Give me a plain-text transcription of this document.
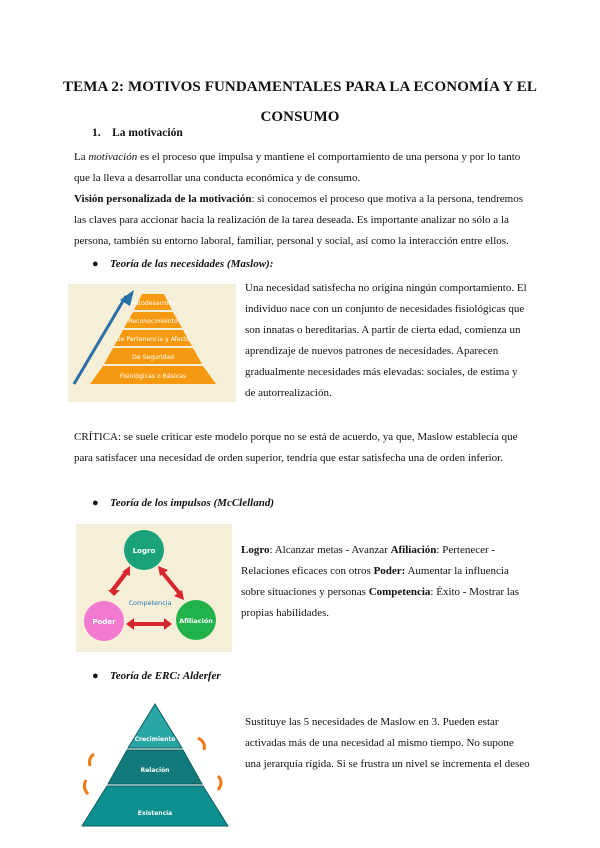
TEMA 2: MOTIVOS FUNDAMENTALES PARA LA ECONOMÍA Y EL CONSUMO
1. La motivación
La motivación es el proceso que impulsa y mantiene el comportamiento de una persona y por lo tanto que la lleva a desarrollar una conducta económica y de consumo.
Visión personalizada de la motivación: si conocemos el proceso que motiva a la persona, tendremos las claves para accionar hacia la realización de la tarea deseada. Es importante analizar no sólo a la persona, también su entorno laboral, familiar, personal y social, así como la interacción entre ellos.
● Teoría de las necesidades (Maslow):
Autodesarrollo
Reconocimiento
De Pertenencia y Afecto
De Seguridad
Fisiológicas o Básicas
Una necesidad satisfecha no origina ningún comportamiento. El individuo nace con un conjunto de necesidades fisiológicas que son innatas o hereditarias. A partir de cierta edad, comienza un aprendizaje de nuevos patrones de necesidades. Aparecen gradualmente necesidades más elevadas: sociales, de estima y de autorrealización.
CRÍTICA: se suele criticar este modelo porque no se está de acuerdo, ya que, Maslow establecía que para satisfacer una necesidad de orden superior, tendría que estar satisfecha una de orden inferior.
● Teoría de los impulsos (McClelland)
Logro
Poder	Afiliación
Competencia
Logro: Alcanzar metas - Avanzar Afiliación: Pertenecer - Relaciones eficaces con otros Poder: Aumentar la influencia sobre situaciones y personas Competencia: Éxito - Mostrar las propias habilidades.
● Teoría de ERC: Alderfer
Crecimiento
Relación
Existencia
Sustituye las 5 necesidades de Maslow en 3. Pueden estar activadas más de una necesidad al mismo tiempo. No supone una jerarquía rígida. Si se frustra un nivel se incrementa el deseo
